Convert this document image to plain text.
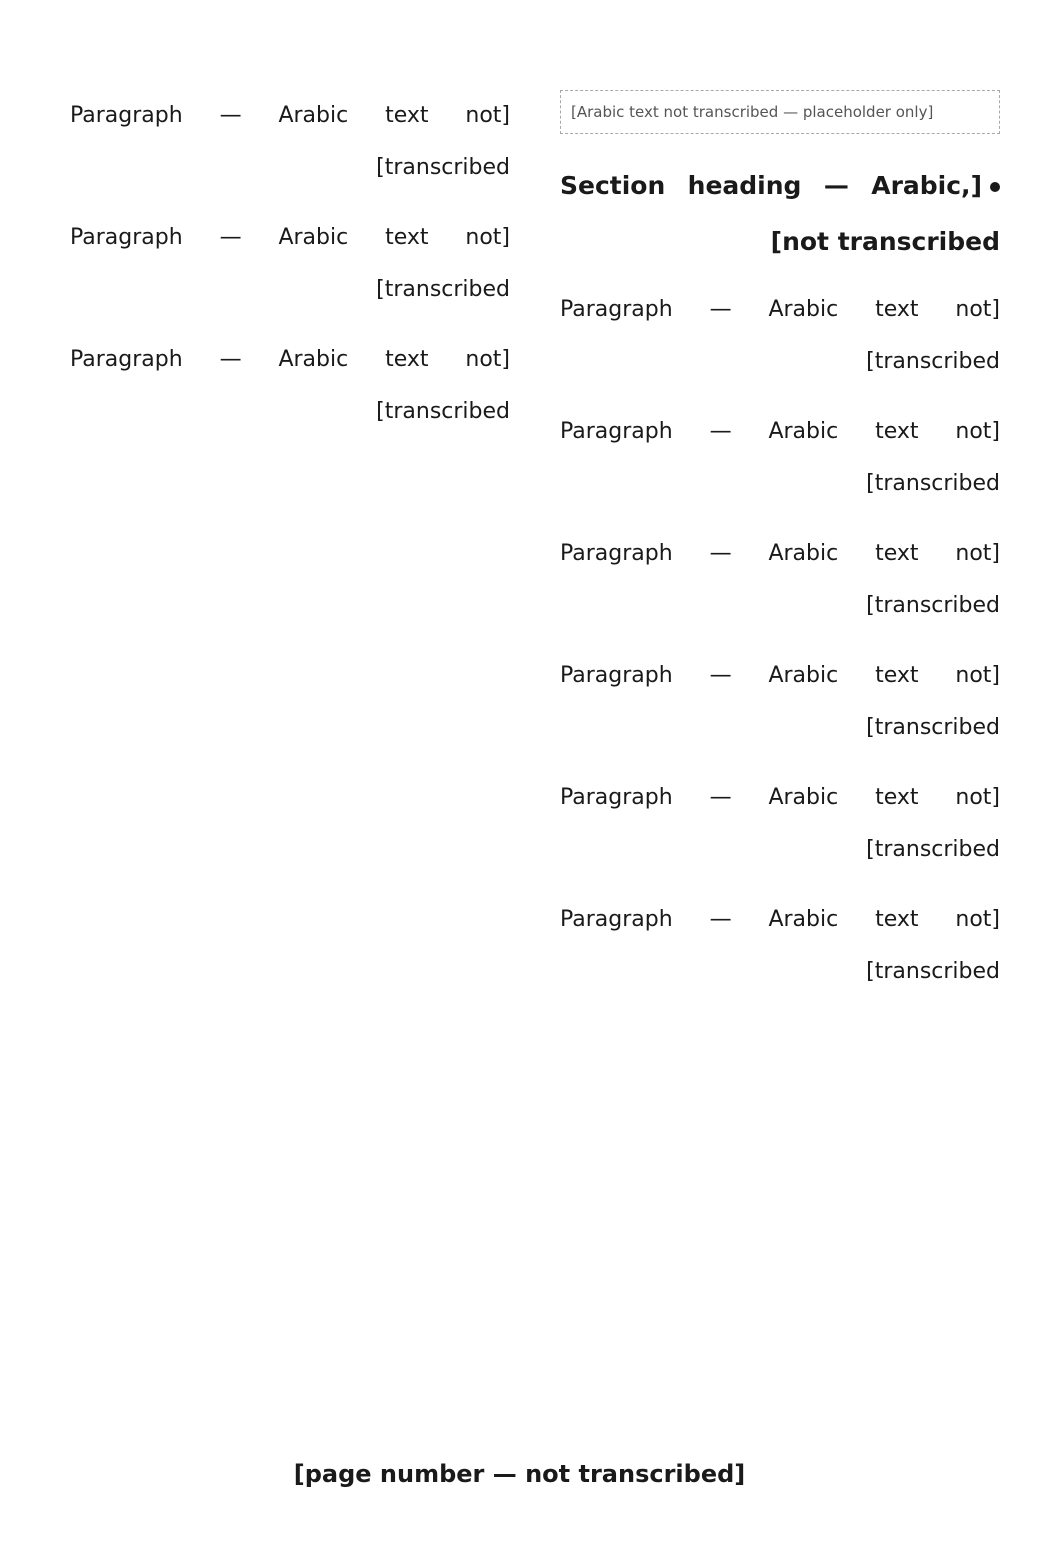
[Arabic text not transcribed — placeholder only]
[Section heading — Arabic, not transcribed]

[Paragraph — Arabic text not transcribed]

[Paragraph — Arabic text not transcribed]

[Paragraph — Arabic text not transcribed]

[Paragraph — Arabic text not transcribed]

[Paragraph — Arabic text not transcribed]

[Paragraph — Arabic text not transcribed]

[Paragraph — Arabic text not transcribed]

[Paragraph — Arabic text not transcribed]

[Paragraph — Arabic text not transcribed]

[page number — not transcribed]
